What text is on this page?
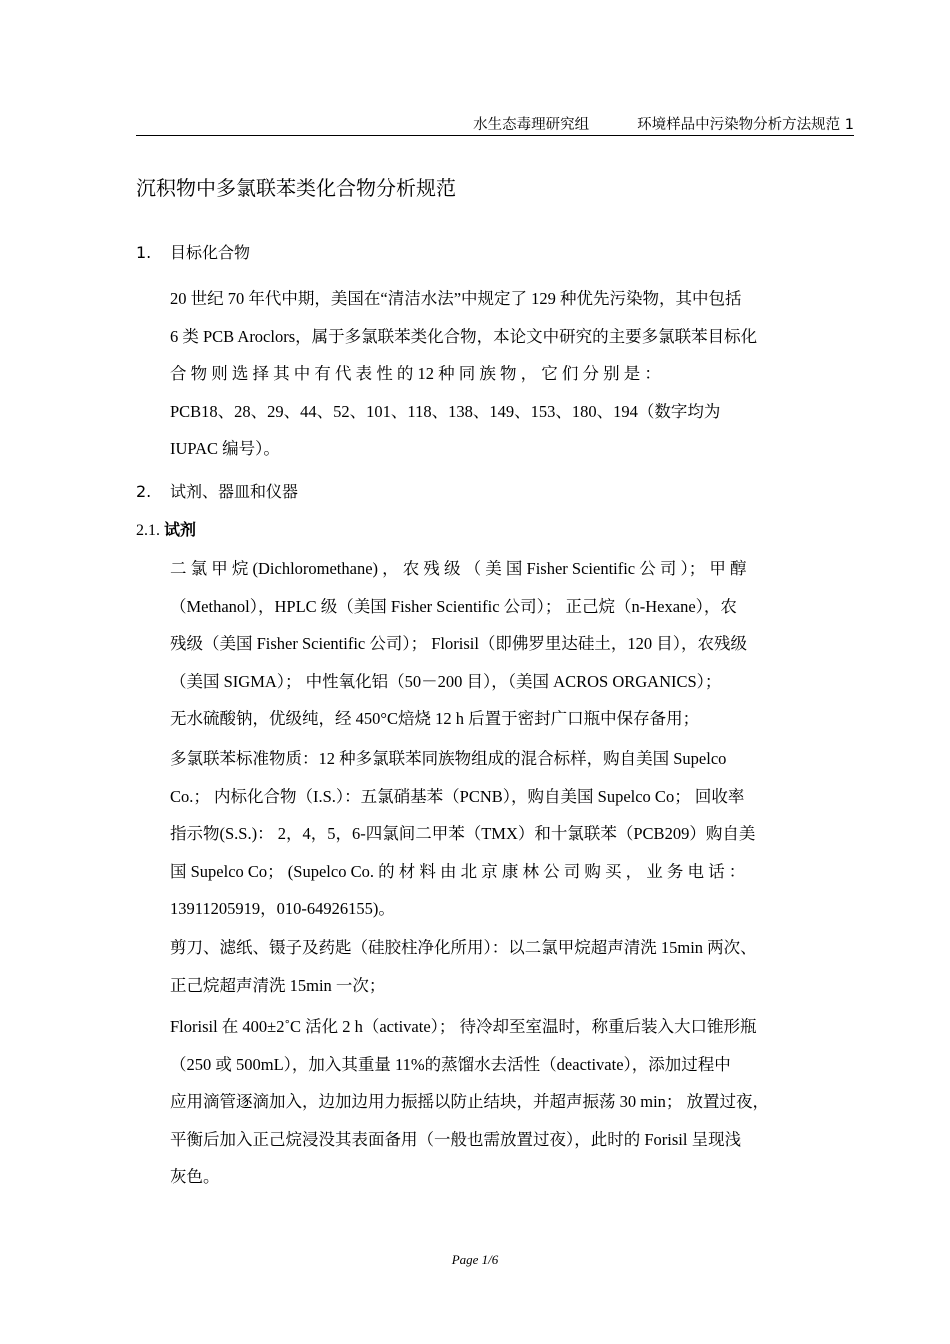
水生态毒理研究组	环境样品中污染物分析方法规范 1
沉积物中多氯联苯类化合物分析规范
1. 目标化合物
20 世纪 70 年代中期，美国在“清洁水法”中规定了 129 种优先污染物，其中包括
6 类 PCB Aroclors，属于多氯联苯类化合物，本论文中研究的主要多氯联苯目标化
合 物 则 选 择 其 中 有 代 表 性 的 12 种 同 族 物 ， 它 们 分 别 是 ：
PCB18、28、29、44、52、101、118、138、149、153、180、194（数字均为
IUPAC 编号）。
2. 试剂、器皿和仪器
2.1. 试剂
二 氯 甲 烷 (Dichloromethane) ， 农 残 级 （ 美 国 Fisher Scientific 公 司 ）； 甲 醇
（Methanol），HPLC 级（美国 Fisher Scientific 公司）； 正己烷（n-Hexane），农
残级（美国 Fisher Scientific 公司）； Florisil（即佛罗里达硅土，120 目），农残级
（美国 SIGMA）； 中性氧化铝（50－200 目），（美国 ACROS ORGANICS）；
无水硫酸钠，优级纯，经 450°C焙烧 12 h 后置于密封广口瓶中保存备用；
多氯联苯标准物质：12 种多氯联苯同族物组成的混合标样，购自美国 Supelco
Co.； 内标化合物（I.S.）：五氯硝基苯（PCNB），购自美国 Supelco Co； 回收率
指示物(S.S.)： 2，4，5，6-四氯间二甲苯（TMX）和十氯联苯（PCB209）购自美
国 Supelco Co； (Supelco Co. 的 材 料 由 北 京 康 林 公 司 购 买 ， 业 务 电 话 ：
13911205919，010-64926155)。
剪刀、滤纸、镊子及药匙（硅胶柱净化所用）：以二氯甲烷超声清洗 15min 两次、
正己烷超声清洗 15min 一次；
Florisil 在 400±2˚C 活化 2 h（activate）； 待冷却至室温时，称重后装入大口锥形瓶
（250 或 500mL），加入其重量 11%的蒸馏水去活性（deactivate），添加过程中
应用滴管逐滴加入，边加边用力振摇以防止结块，并超声振荡 30 min； 放置过夜，
平衡后加入正己烷浸没其表面备用（一般也需放置过夜），此时的 Forisil 呈现浅
灰色。
Page 1/6
